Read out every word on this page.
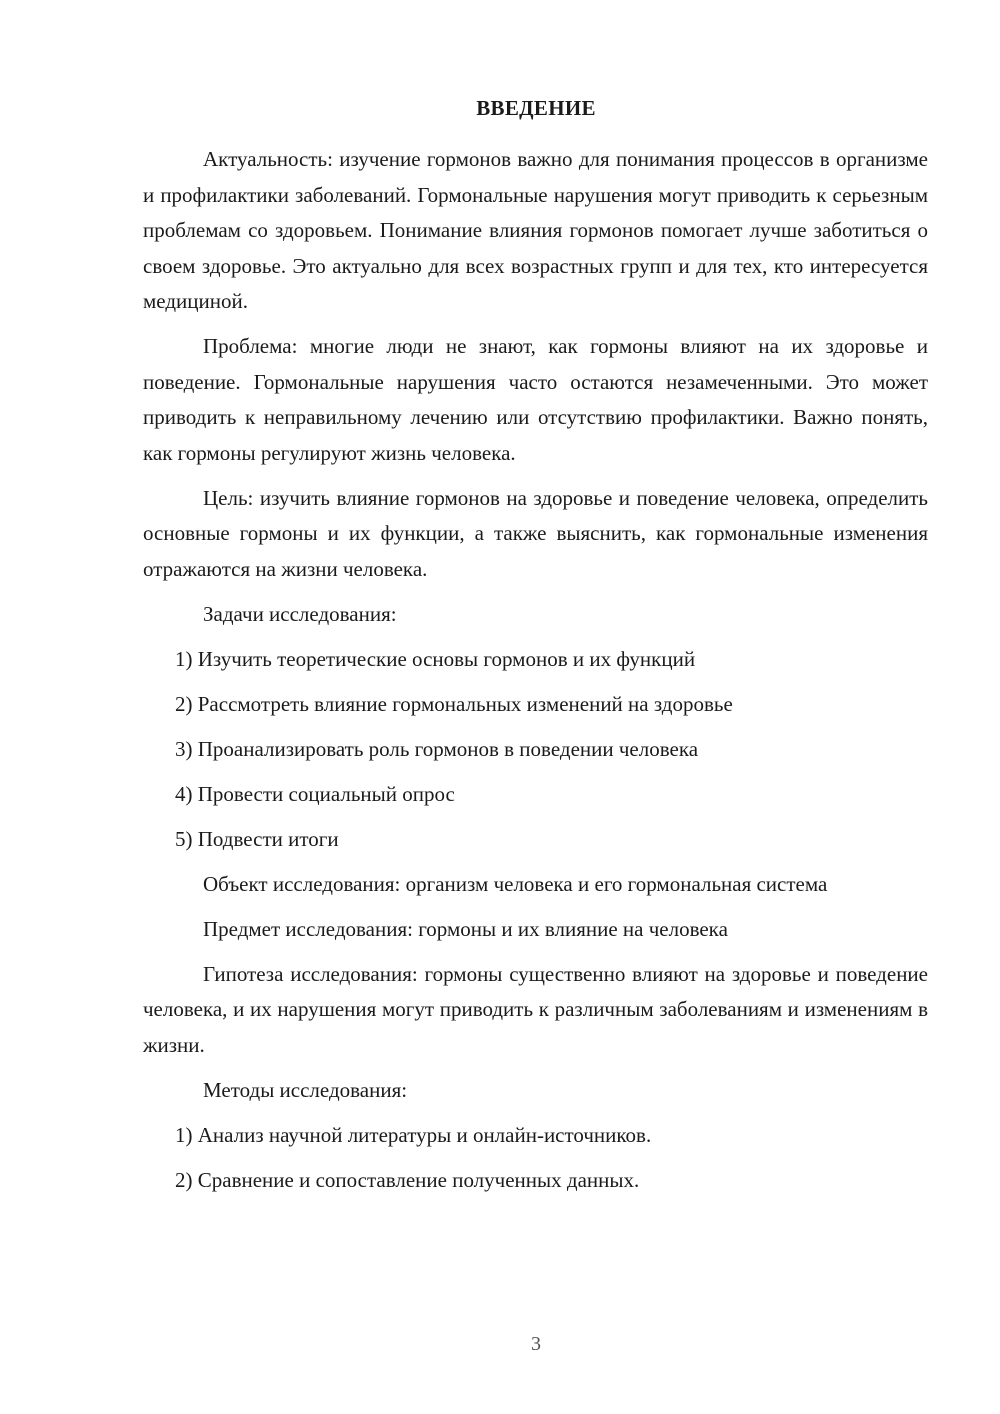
ВВЕДЕНИЕ

Актуальность: изучение гормонов важно для понимания процессов в организме и профилактики заболеваний. Гормональные нарушения могут приводить к серьезным проблемам со здоровьем. Понимание влияния гормонов помогает лучше заботиться о своем здоровье. Это актуально для всех возрастных групп и для тех, кто интересуется медициной.

Проблема: многие люди не знают, как гормоны влияют на их здоровье и поведение. Гормональные нарушения часто остаются незамеченными. Это может приводить к неправильному лечению или отсутствию профилактики. Важно понять, как гормоны регулируют жизнь человека.

Цель: изучить влияние гормонов на здоровье и поведение человека, определить основные гормоны и их функции, а также выяснить, как гормональные изменения отражаются на жизни человека.

Задачи исследования:

1) Изучить теоретические основы гормонов и их функций

2) Рассмотреть влияние гормональных изменений на здоровье

3) Проанализировать роль гормонов в поведении человека

4) Провести социальный опрос

5) Подвести итоги

Объект исследования: организм человека и его гормональная система

Предмет исследования: гормоны и их влияние на человека

Гипотеза исследования: гормоны существенно влияют на здоровье и поведение человека, и их нарушения могут приводить к различным заболеваниям и изменениям в жизни.

Методы исследования:

1) Анализ научной литературы и онлайн-источников.

2) Сравнение и сопоставление полученных данных.

3
